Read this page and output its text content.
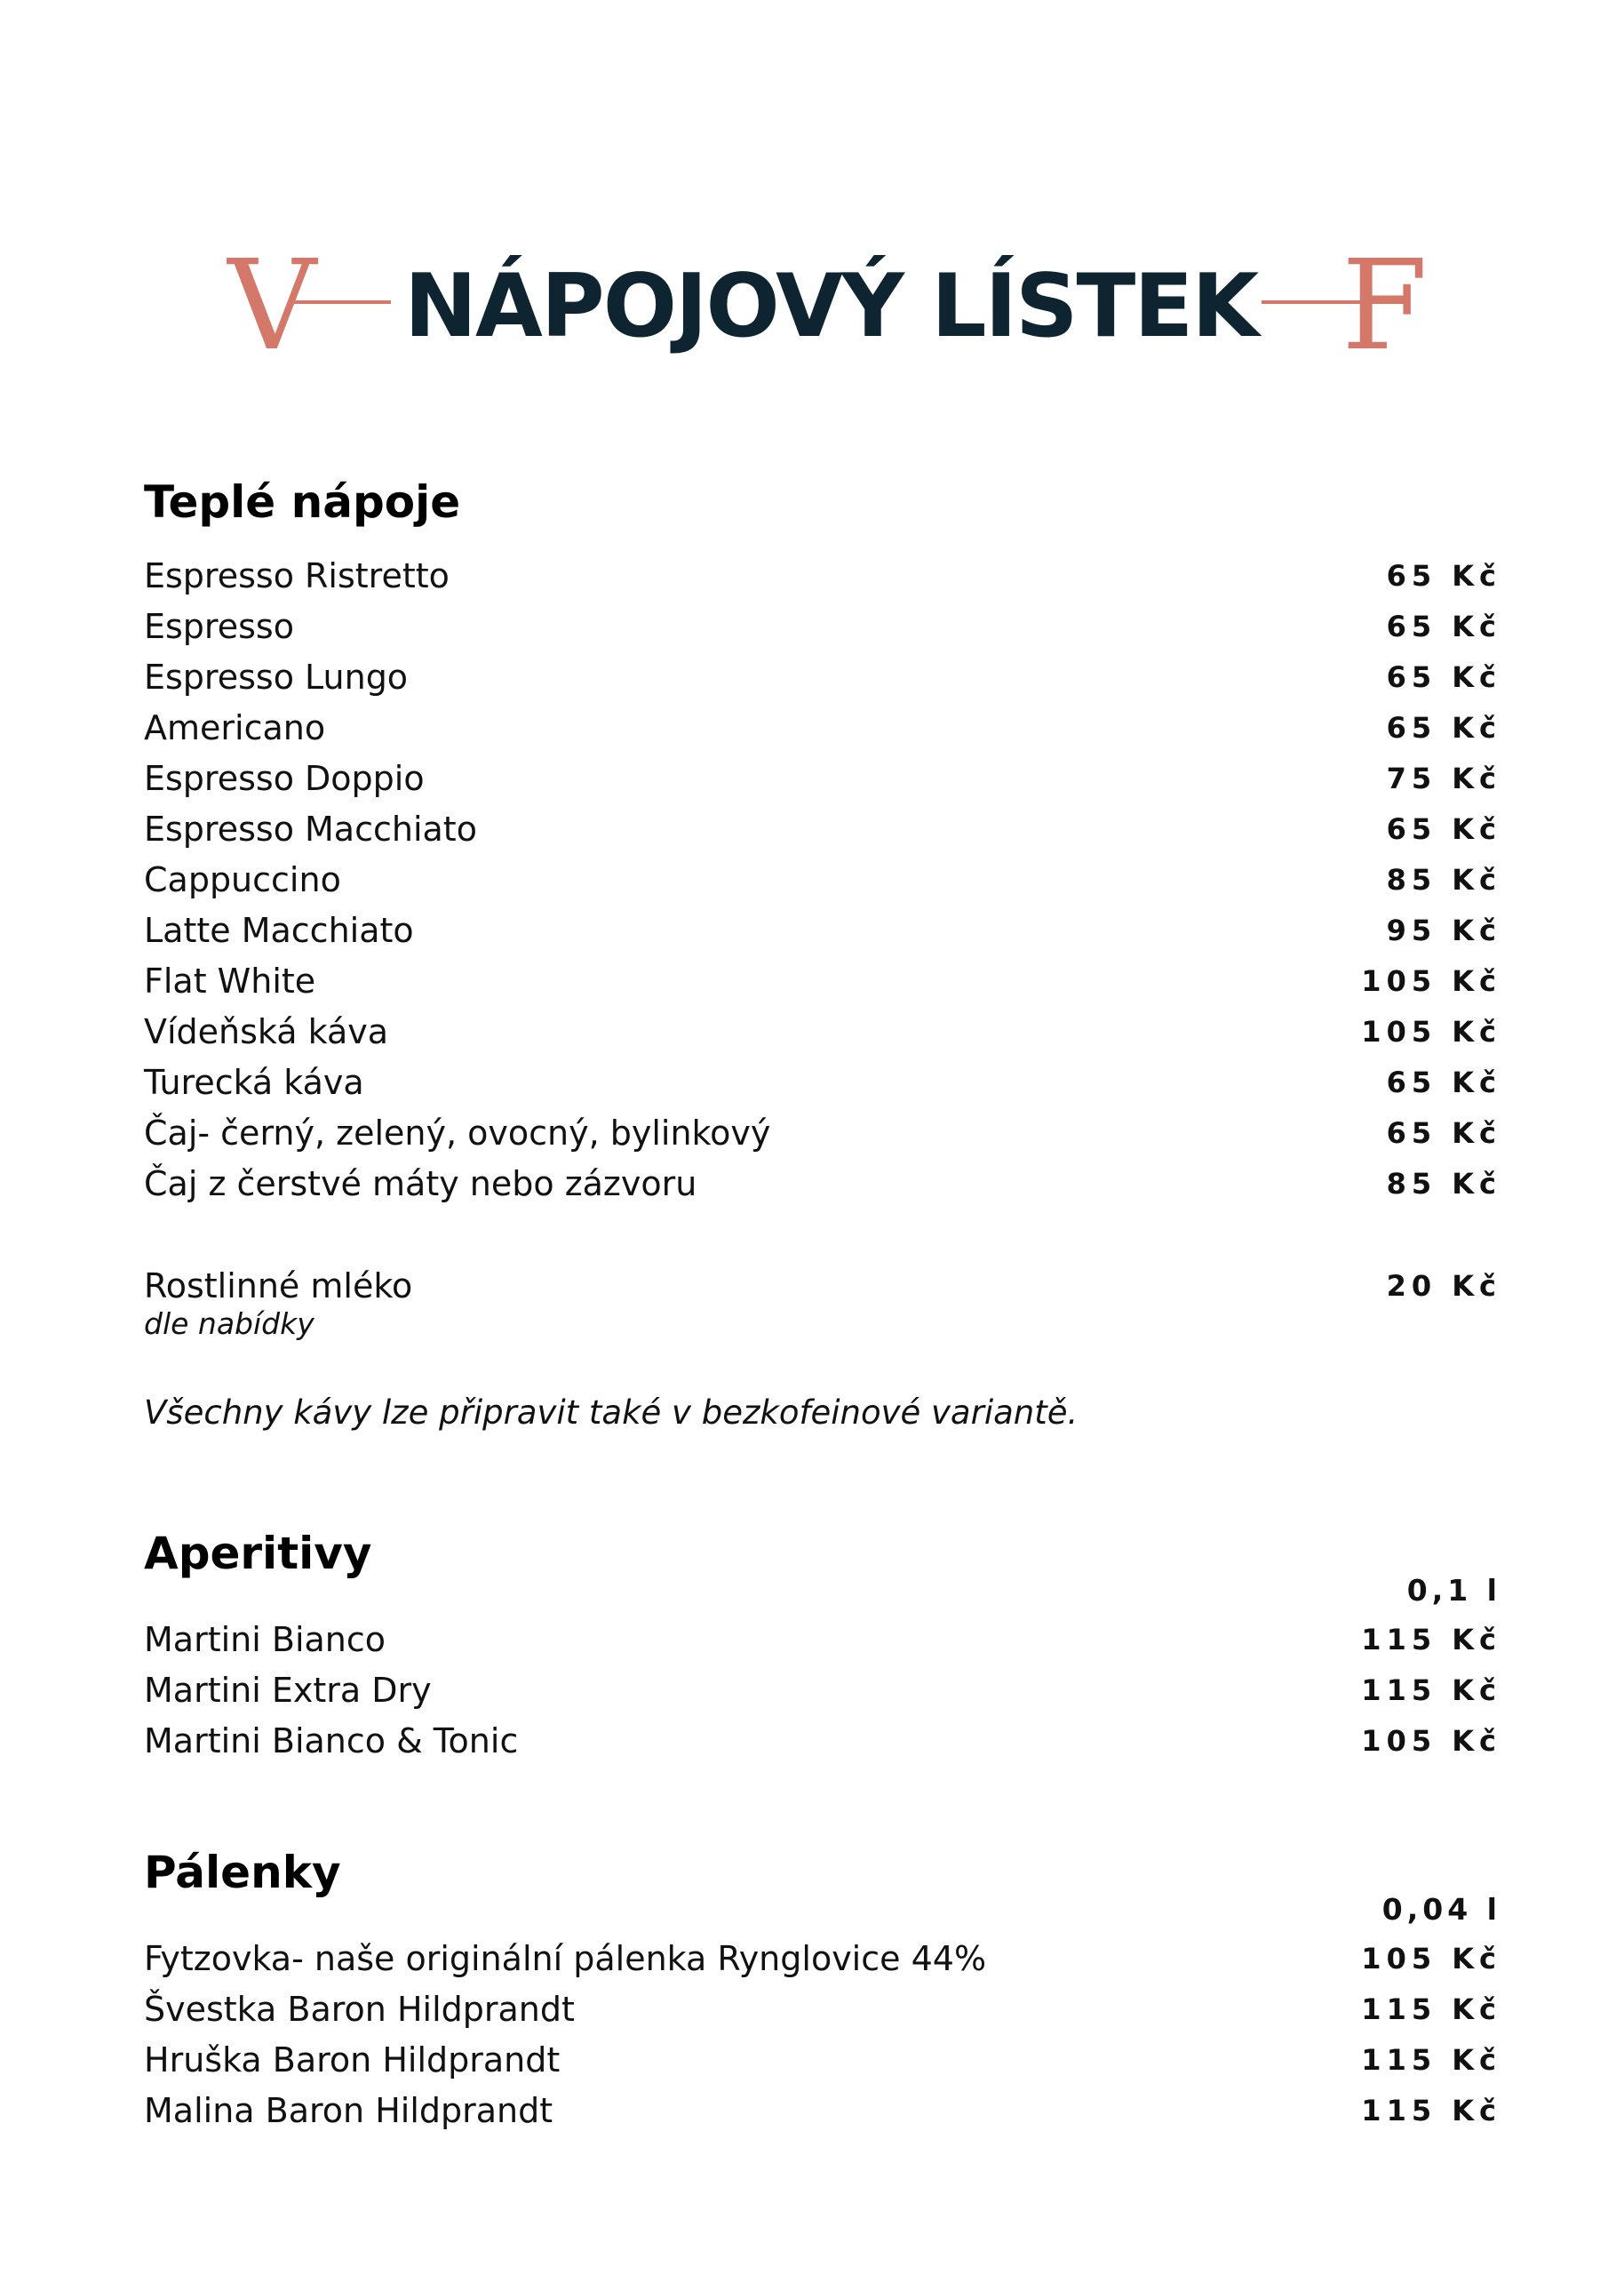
V NÁPOJOVÝ LÍSTEK F
Teplé nápoje
Espresso Ristretto	65 Kč
Espresso	65 Kč
Espresso Lungo	65 Kč
Americano	65 Kč
Espresso Doppio	75 Kč
Espresso Macchiato	65 Kč
Cappuccino	85 Kč
Latte Macchiato	95 Kč
Flat White	105 Kč
Vídeňská káva	105 Kč
Turecká káva	65 Kč
Čaj- černý, zelený, ovocný, bylinkový	65 Kč
Čaj z čerstvé máty nebo zázvoru	85 Kč
Rostlinné mléko	20 Kč
dle nabídky
Všechny kávy lze připravit také v bezkofeinové variantě.
Aperitivy
0,1 l
Martini Bianco	115 Kč
Martini Extra Dry	115 Kč
Martini Bianco & Tonic	105 Kč
Pálenky
0,04 l
Fytzovka- naše originální pálenka Rynglovice 44%	105 Kč
Švestka Baron Hildprandt	115 Kč
Hruška Baron Hildprandt	115 Kč
Malina Baron Hildprandt	115 Kč
